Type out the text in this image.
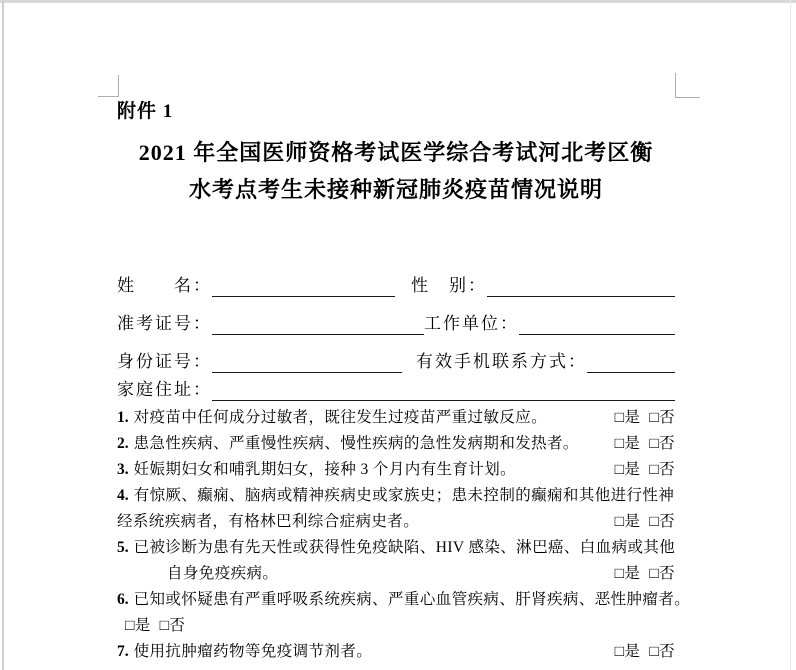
附件 1
2021 年全国医师资格考试医学综合考试河北考区衡
水考点考生未接种新冠肺炎疫苗情况说明
姓　　名：	性　别：
准考证号：	工作单位：
身份证号：	有效手机联系方式：
家庭住址：
1. 对疫苗中任何成分过敏者，既往发生过疫苗严重过敏反应。	□是 □否
2. 患急性疾病、严重慢性疾病、慢性疾病的急性发病期和发热者。 □是 □否
3. 妊娠期妇女和哺乳期妇女，接种 3 个月内有生育计划。	□是 □否
4. 有惊厥、癫痫、脑病或精神疾病史或家族史；患未控制的癫痫和其他进行性神
经系统疾病者，有格林巴利综合症病史者。	□是 □否
5. 已被诊断为患有先天性或获得性免疫缺陷、HIV 感染、淋巴癌、白血病或其他
自身免疫疾病。	□是 □否
6. 已知或怀疑患有严重呼吸系统疾病、严重心血管疾病、肝肾疾病、恶性肿瘤者。
□是 □否
7. 使用抗肿瘤药物等免疫调节剂者。	□是 □否
